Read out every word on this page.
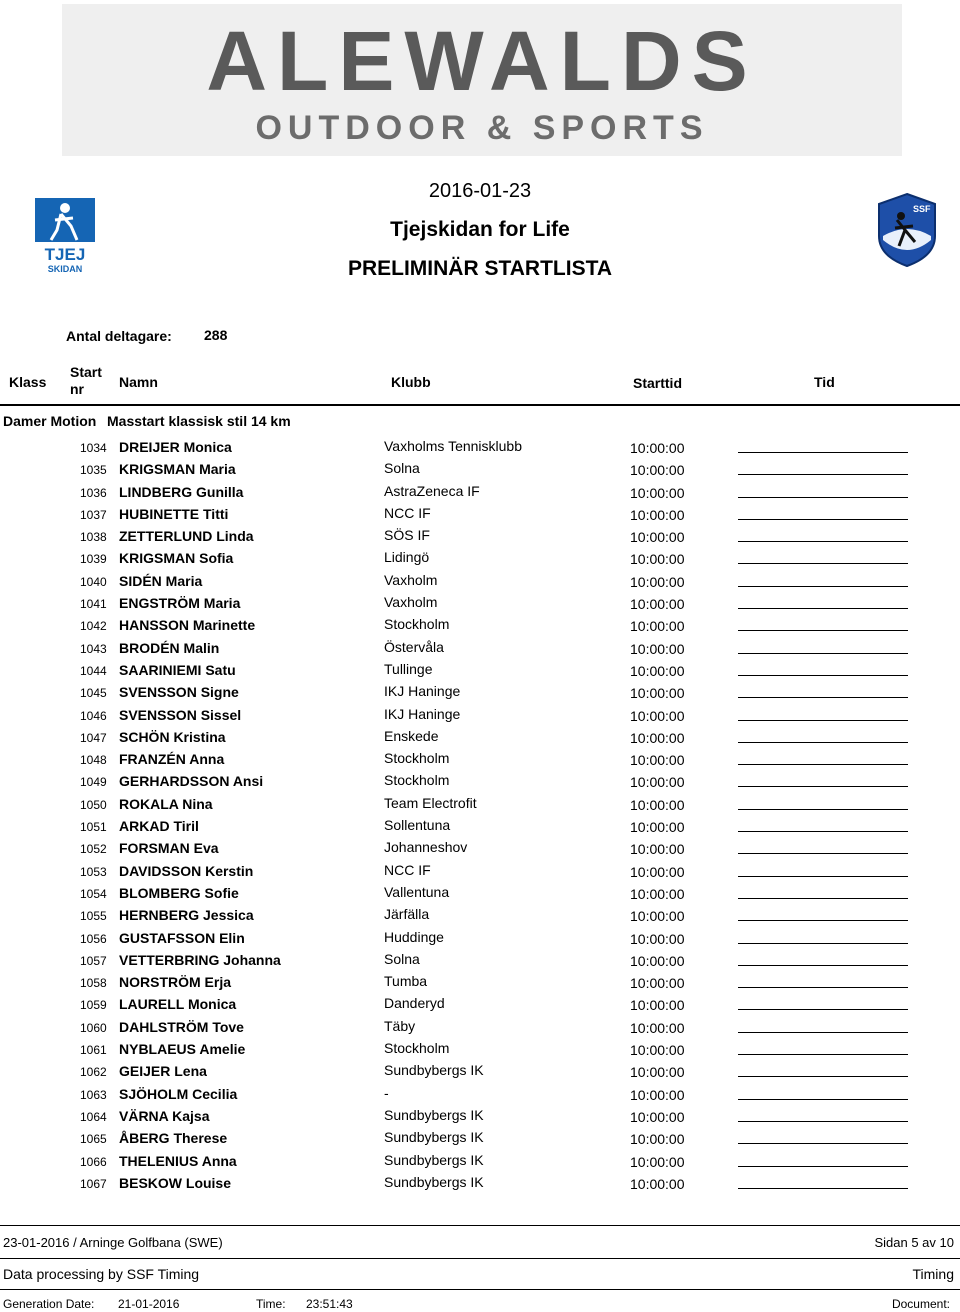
ALEWALDS
OUTDOOR & SPORTS
TJEJ
SKIDAN
SSF
2016-01-23
Tjejskidan for Life
PRELIMINÄR STARTLISTA
Antal deltagare: 288
Klass
Start
nr	Namn	Klubb	Starttid	Tid
Damer Motion Masstart klassisk stil 14 km
1034 DREIJER Monica	Vaxholms Tennisklubb	10:00:00
1035 KRIGSMAN Maria	Solna	10:00:00
1036 LINDBERG Gunilla	AstraZeneca IF	10:00:00
1037 HUBINETTE Titti	NCC IF	10:00:00
1038 ZETTERLUND Linda	SÖS IF	10:00:00
1039 KRIGSMAN Sofia	Lidingö	10:00:00
1040 SIDÉN Maria	Vaxholm	10:00:00
1041 ENGSTRÖM Maria	Vaxholm	10:00:00
1042 HANSSON Marinette	Stockholm	10:00:00
1043 BRODÉN Malin	Östervåla	10:00:00
1044 SAARINIEMI Satu	Tullinge	10:00:00
1045 SVENSSON Signe	IKJ Haninge	10:00:00
1046 SVENSSON Sissel	IKJ Haninge	10:00:00
1047 SCHÖN Kristina	Enskede	10:00:00
1048 FRANZÉN Anna	Stockholm	10:00:00
1049 GERHARDSSON Ansi	Stockholm	10:00:00
1050 ROKALA Nina	Team Electrofit	10:00:00
1051 ARKAD Tiril	Sollentuna	10:00:00
1052 FORSMAN Eva	Johanneshov	10:00:00
1053 DAVIDSSON Kerstin	NCC IF	10:00:00
1054 BLOMBERG Sofie	Vallentuna	10:00:00
1055 HERNBERG Jessica	Järfälla	10:00:00
1056 GUSTAFSSON Elin	Huddinge	10:00:00
1057 VETTERBRING Johanna	Solna	10:00:00
1058 NORSTRÖM Erja	Tumba	10:00:00
1059 LAURELL Monica	Danderyd	10:00:00
1060 DAHLSTRÖM Tove	Täby	10:00:00
1061 NYBLAEUS Amelie	Stockholm	10:00:00
1062 GEIJER Lena	Sundbybergs IK	10:00:00
1063 SJÖHOLM Cecilia	-	10:00:00
1064 VÄRNA Kajsa	Sundbybergs IK	10:00:00
1065 ÅBERG Therese	Sundbybergs IK	10:00:00
1066 THELENIUS Anna	Sundbybergs IK	10:00:00
1067 BESKOW Louise	Sundbybergs IK	10:00:00
23-01-2016 / Arninge Golfbana (SWE)	Sidan 5 av 10
Data processing by SSF Timing	Timing
Generation Date: 21-01-2016	Time: 23:51:43	Document:
